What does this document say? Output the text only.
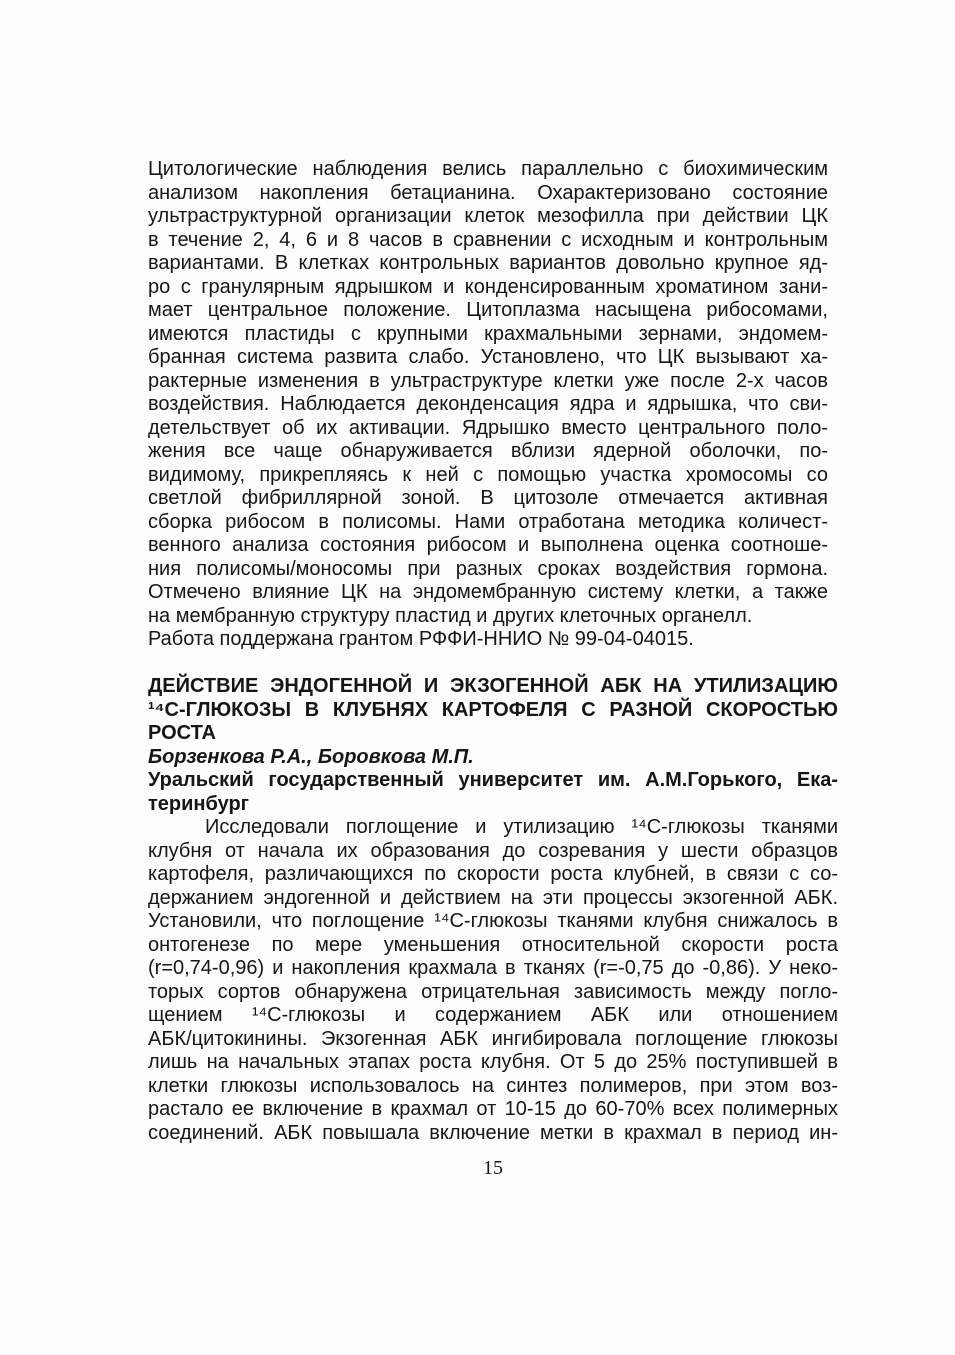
Цитологические наблюдения велись параллельно с биохимическим
анализом накопления бетацианина. Охарактеризовано состояние
ультраструктурной организации клеток мезофилла при действии ЦК
в течение 2, 4, 6 и 8 часов в сравнении с исходным и контрольным
вариантами. В клетках контрольных вариантов довольно крупное яд-
ро с гранулярным ядрышком и конденсированным хроматином зани-
мает центральное положение. Цитоплазма насыщена рибосомами,
имеются пластиды с крупными крахмальными зернами, эндомем-
бранная система развита слабо. Установлено, что ЦК вызывают ха-
рактерные изменения в ультраструктуре клетки уже после 2-х часов
воздействия. Наблюдается деконденсация ядра и ядрышка, что сви-
детельствует об их активации. Ядрышко вместо центрального поло-
жения все чаще обнаруживается вблизи ядерной оболочки, по-
видимому, прикрепляясь к ней с помощью участка хромосомы со
светлой фибриллярной зоной. В цитозоле отмечается активная
сборка рибосом в полисомы. Нами отработана методика количест-
венного анализа состояния рибосом и выполнена оценка соотноше-
ния полисомы/моносомы при разных сроках воздействия гормона.
Отмечено влияние ЦК на эндомембранную систему клетки, а также
на мембранную структуру пластид и других клеточных органелл.
Работа поддержана грантом РФФИ-ННИО № 99-04-04015.
ДЕЙСТВИЕ ЭНДОГЕННОЙ И ЭКЗОГЕННОЙ АБК НА УТИЛИЗАЦИЮ
¹⁴С-ГЛЮКОЗЫ В КЛУБНЯХ КАРТОФЕЛЯ С РАЗНОЙ СКОРОСТЬЮ
РОСТА
Борзенкова Р.А., Боровкова М.П.
Уральский государственный университет им. А.М.Горького, Ека-
теринбург
Исследовали поглощение и утилизацию ¹⁴С-глюкозы тканями
клубня от начала их образования до созревания у шести образцов
картофеля, различающихся по скорости роста клубней, в связи с со-
держанием эндогенной и действием на эти процессы экзогенной АБК.
Установили, что поглощение ¹⁴С-глюкозы тканями клубня снижалось в
онтогенезе по мере уменьшения относительной скорости роста
(r=0,74-0,96) и накопления крахмала в тканях (r=-0,75 до -0,86). У неко-
торых сортов обнаружена отрицательная зависимость между погло-
щением ¹⁴С-глюкозы и содержанием АБК или отношением
АБК/цитокинины. Экзогенная АБК ингибировала поглощение глюкозы
лишь на начальных этапах роста клубня. От 5 до 25% поступившей в
клетки глюкозы использовалось на синтез полимеров, при этом воз-
растало ее включение в крахмал от 10-15 до 60-70% всех полимерных
соединений. АБК повышала включение метки в крахмал в период ин-
15
